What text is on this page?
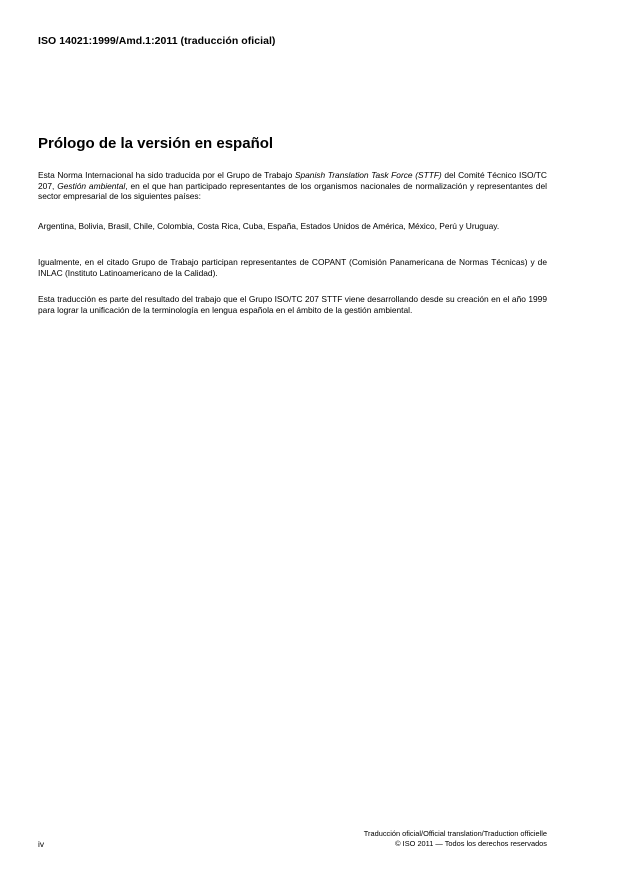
ISO 14021:1999/Amd.1:2011 (traducción oficial)
Prólogo de la versión en español

Esta Norma Internacional ha sido traducida por el Grupo de Trabajo Spanish Translation Task Force (STTF) del Comité Técnico ISO/TC 207, Gestión ambiental, en el que han participado representantes de los organismos nacionales de normalización y representantes del sector empresarial de los siguientes países:

Argentina, Bolivia, Brasil, Chile, Colombia, Costa Rica, Cuba, España, Estados Unidos de América, México, Perú y Uruguay.

Igualmente, en el citado Grupo de Trabajo participan representantes de COPANT (Comisión Panamericana de Normas Técnicas) y de INLAC (Instituto Latinoamericano de la Calidad).

Esta traducción es parte del resultado del trabajo que el Grupo ISO/TC 207 STTF viene desarrollando desde su creación en el año 1999 para lograr la unificación de la terminología en lengua española en el ámbito de la gestión ambiental.

iv
Traducción oficial/Official translation/Traduction officielle
© ISO 2011 — Todos los derechos reservados
